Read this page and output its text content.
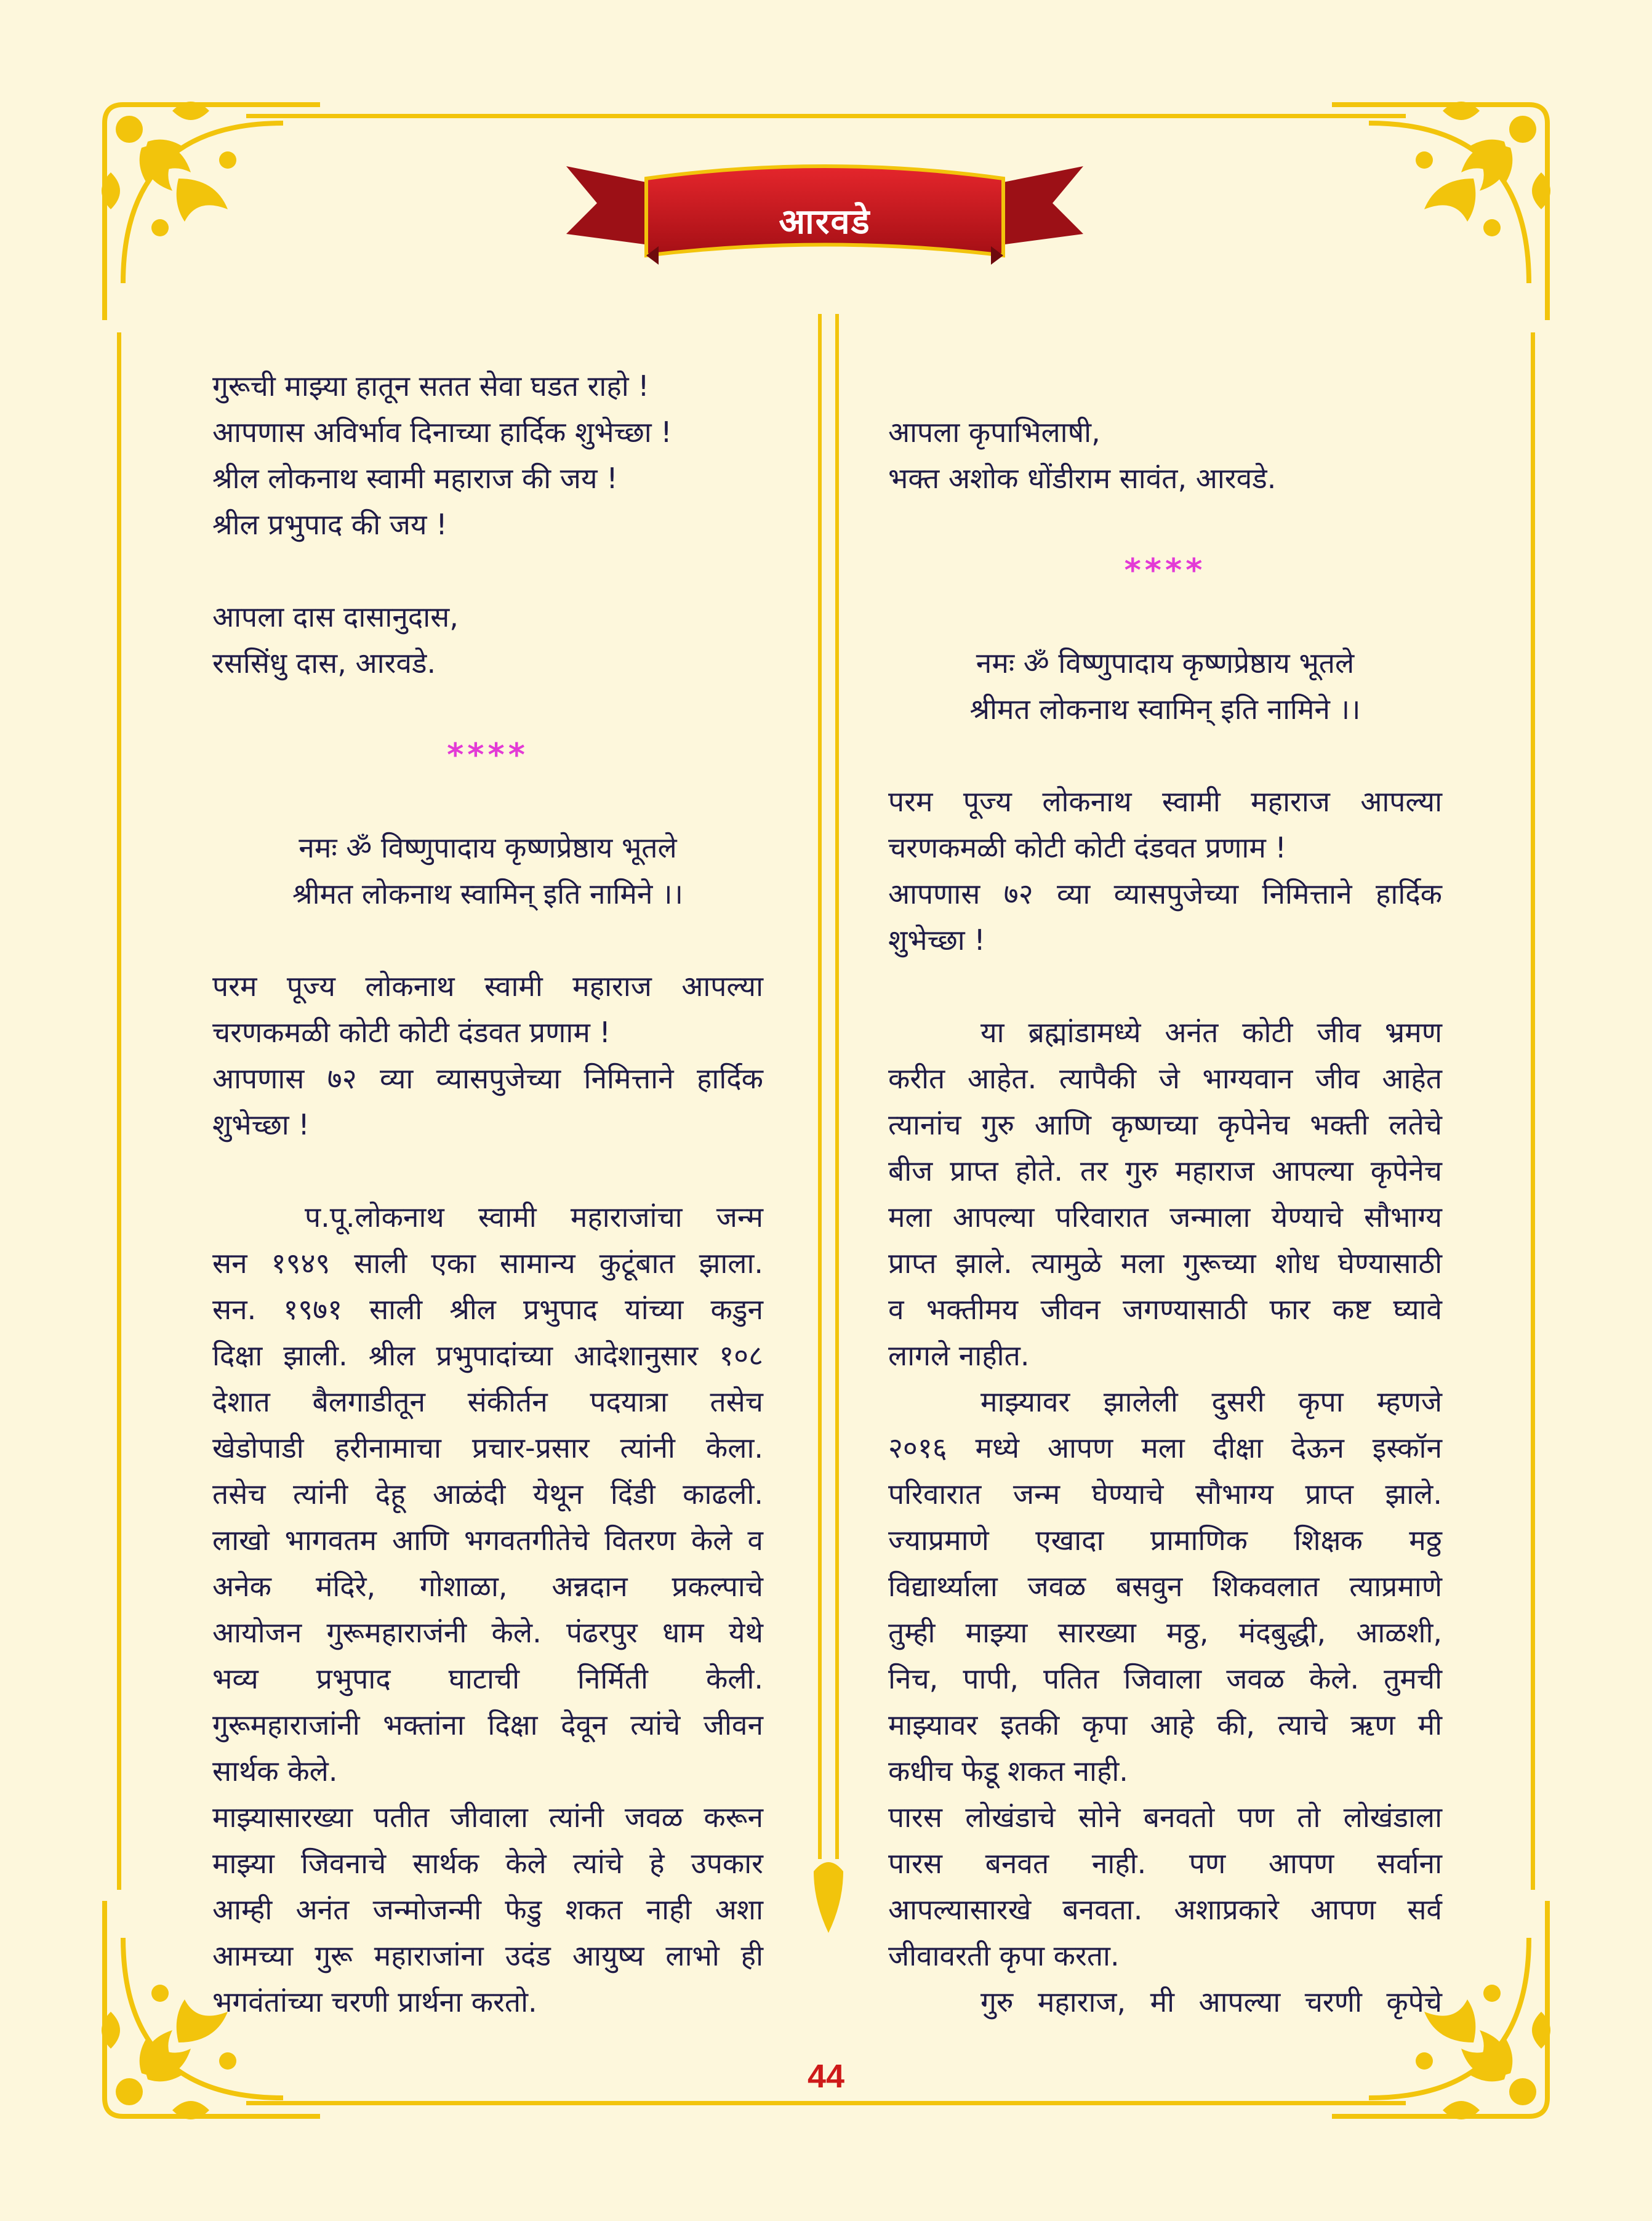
आरवडे
गुरूची माझ्या हातून सतत सेवा घडत राहो !
आपणास अविर्भाव दिनाच्या हार्दिक शुभेच्छा !
श्रील लोकनाथ स्वामी महाराज की जय !
श्रील प्रभुपाद की जय !
आपला दास दासानुदास,
रससिंधु दास, आरवडे.
****
नमः ॐ विष्णुपादाय कृष्णप्रेष्ठाय भूतले
श्रीमत लोकनाथ स्वामिन् इति नामिने ।।
परम पूज्य लोकनाथ स्वामी महाराज आपल्या
चरणकमळी कोटी कोटी दंडवत प्रणाम !
आपणास ७२ व्या व्यासपुजेच्या निमित्ताने हार्दिक
शुभेच्छा !
प.पू.लोकनाथ स्वामी महाराजांचा जन्म
सन १९४९ साली एका सामान्य कुटूंबात झाला.
सन. १९७१ साली श्रील प्रभुपाद यांच्या कडुन
दिक्षा झाली. श्रील प्रभुपादांच्या आदेशानुसार १०८
देशात बैलगाडीतून संकीर्तन पदयात्रा तसेच
खेडोपाडी हरीनामाचा प्रचार-प्रसार त्यांनी केला.
तसेच त्यांनी देहू आळंदी येथून दिंडी काढली.
लाखो भागवतम आणि भगवतगीतेचे वितरण केले व
अनेक मंदिरे, गोशाळा, अन्नदान प्रकल्पाचे
आयोजन गुरूमहाराजंनी केले. पंढरपुर धाम येथे
भव्य प्रभुपाद घाटाची निर्मिती केली.
गुरूमहाराजांनी भक्तांना दिक्षा देवून त्यांचे जीवन
सार्थक केले.
माझ्यासारख्या पतीत जीवाला त्यांनी जवळ करून
माझ्या जिवनाचे सार्थक केले त्यांचे हे उपकार
आम्ही अनंत जन्मोजन्मी फेडु शकत नाही अशा
आमच्या गुरू महाराजांना उदंड आयुष्य लाभो ही
भगवंतांच्या चरणी प्रार्थना करतो.
आपला कृपाभिलाषी,
भक्त अशोक धोंडीराम सावंत, आरवडे.
****
नमः ॐ विष्णुपादाय कृष्णप्रेष्ठाय भूतले
श्रीमत लोकनाथ स्वामिन् इति नामिने ।।
परम पूज्य लोकनाथ स्वामी महाराज आपल्या
चरणकमळी कोटी कोटी दंडवत प्रणाम !
आपणास ७२ व्या व्यासपुजेच्या निमित्ताने हार्दिक
शुभेच्छा !
या ब्रह्मांडामध्ये अनंत कोटी जीव भ्रमण
करीत आहेत. त्यापैकी जे भाग्यवान जीव आहेत
त्यानांच गुरु आणि कृष्णच्या कृपेनेच भक्ती लतेचे
बीज प्राप्त होते. तर गुरु महाराज आपल्या कृपेनेच
मला आपल्या परिवारात जन्माला येण्याचे सौभाग्य
प्राप्त झाले. त्यामुळे मला गुरूच्या शोध घेण्यासाठी
व भक्तीमय जीवन जगण्यासाठी फार कष्ट घ्यावे
लागले नाहीत.
माझ्यावर झालेली दुसरी कृपा म्हणजे
२०१६ मध्ये आपण मला दीक्षा देऊन इस्कॉन
परिवारात जन्म घेण्याचे सौभाग्य प्राप्त झाले.
ज्याप्रमाणे एखादा प्रामाणिक शिक्षक मठ्ठ
विद्यार्थ्याला जवळ बसवुन शिकवलात त्याप्रमाणे
तुम्ही माझ्या सारख्या मठ्ठ, मंदबुद्धी, आळशी,
निच, पापी, पतित जिवाला जवळ केले. तुमची
माझ्यावर इतकी कृपा आहे की, त्याचे ऋण मी
कधीच फेडू शकत नाही.
पारस लोखंडाचे सोने बनवतो पण तो लोखंडाला
पारस बनवत नाही. पण आपण सर्वाना
आपल्यासारखे बनवता. अशाप्रकारे आपण सर्व
जीवावरती कृपा करता.
गुरु महाराज, मी आपल्या चरणी कृपेचे
44
